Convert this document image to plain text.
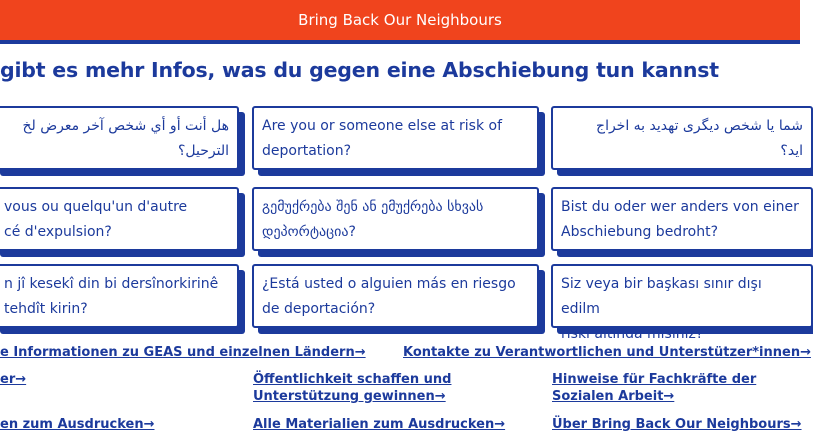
Bring Back Our Neighbours
gibt es mehr Infos, was du gegen eine Abschiebung tun kannst
هل أنت أو أي شخص آخر معرض لخ
الترحيل؟
Are you or someone else at risk of
deportation?
شما یا شخص دیگری تهدید به اخراج
اید؟
vous ou quelqu'un d'autre
cé d'expulsion?
გემუქრება შენ ან ემუქრება სხვას
დეპორტაცია?
Bist du oder wer anders von einer
Abschiebung bedroht?
n jî kesekî din bi dersînorkirinê
tehdît kirin?
¿Está usted o alguien más en riesgo
de deportación?
Siz veya bir başkası sınır dışı edilm
riski altında mısınız?
e Informationen zu GEAS und einzelnen Ländern→	Kontakte zu Verantwortlichen und Unterstützer*innen→
er→	Öffentlichkeit schaffen und Unterstützung gewinnen→
Hinweise für Fachkräfte der Sozialen Arbeit→
en zum Ausdrucken→	Alle Materialien zum Ausdrucken→	Über Bring Back Our Neighbours→
